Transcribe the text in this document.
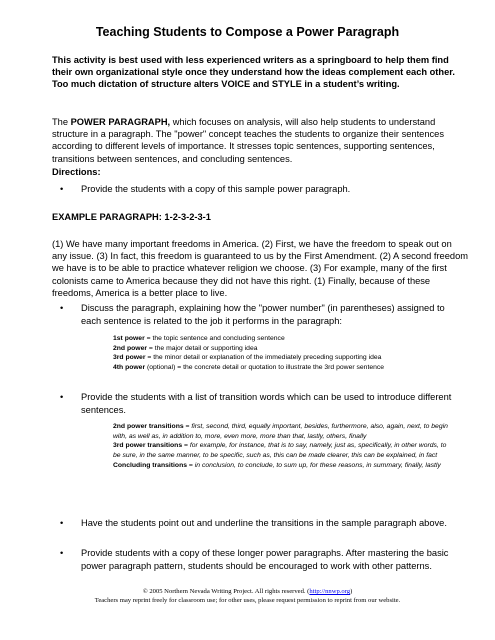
Teaching Students to Compose a Power Paragraph
This activity is best used with less experienced writers as a springboard to help them find their own organizational style once they understand how the ideas complement each other. Too much dictation of structure alters VOICE and STYLE in a student’s writing.
The POWER PARAGRAPH, which focuses on analysis, will also help students to understand structure in a paragraph. The "power" concept teaches the students to organize their sentences according to different levels of importance. It stresses topic sentences, supporting sentences, transitions between sentences, and concluding sentences.
Directions:
• Provide the students with a copy of this sample power paragraph.
EXAMPLE PARAGRAPH: 1-2-3-2-3-1
(1) We have many important freedoms in America. (2) First, we have the freedom to speak out on any issue. (3) In fact, this freedom is guaranteed to us by the First Amendment. (2) A second freedom we have is to be able to practice whatever religion we choose. (3) For example, many of the first colonists came to America because they did not have this right. (1) Finally, because of these freedoms, America is a better place to live.
• Discuss the paragraph, explaining how the "power number" (in parentheses) assigned to each sentence is related to the job it performs in the paragraph:
1st power = the topic sentence and concluding sentence
2nd power = the major detail or supporting idea
3rd power = the minor detail or explanation of the immediately preceding supporting idea
4th power (optional) = the concrete detail or quotation to illustrate the 3rd power sentence
• Provide the students with a list of transition words which can be used to introduce different sentences.
2nd power transitions = first, second, third, equally important, besides, furthermore, also, again, next, to begin with, as well as, in addition to, more, even more, more than that, lastly, others, finally
3rd power transitions = for example, for instance, that is to say, namely, just as, specifically, in other words, to be sure, in the same manner, to be specific, such as, this can be made clearer, this can be explained, in fact
Concluding transitions = in conclusion, to conclude, to sum up, for these reasons, in summary, finally, lastly
• Have the students point out and underline the transitions in the sample paragraph above.
• Provide students with a copy of these longer power paragraphs. After mastering the basic power paragraph pattern, students should be encouraged to work with other patterns.
© 2005 Northern Nevada Writing Project. All rights reserved. (http://nnwp.org)
Teachers may reprint freely for classroom use; for other uses, please request permission to reprint from our website.
